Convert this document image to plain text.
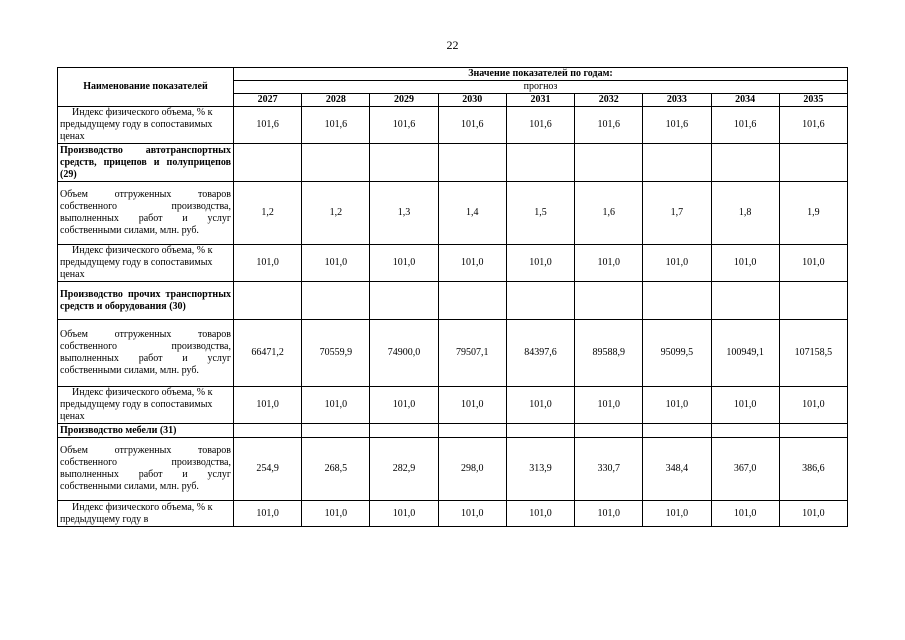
22
Наименование показателей	Значение показателей по годам:								
	прогноз								
	2027	2028	2029	2030	2031	2032	2033	2034	2035
Индекс физического объема, % к предыдущему году в сопоставимых ценах	101,6	101,6	101,6	101,6	101,6	101,6	101,6	101,6	101,6
Производство автотранспортных средств, прицепов и полуприцепов (29)									
Объем отгруженных товаров собственного производства, выполненных работ и услуг собственными силами, млн. руб.	1,2	1,2	1,3	1,4	1,5	1,6	1,7	1,8	1,9
Индекс физического объема, % к предыдущему году в сопоставимых ценах	101,0	101,0	101,0	101,0	101,0	101,0	101,0	101,0	101,0
Производство прочих транспортных средств и оборудования (30)									
Объем отгруженных товаров собственного производства, выполненных работ и услуг собственными силами, млн. руб.	66471,2	70559,9	74900,0	79507,1	84397,6	89588,9	95099,5	100949,1	107158,5
Индекс физического объема, % к предыдущему году в сопоставимых ценах	101,0	101,0	101,0	101,0	101,0	101,0	101,0	101,0	101,0
Производство мебели (31)									
Объем отгруженных товаров собственного производства, выполненных работ и услуг собственными силами, млн. руб.	254,9	268,5	282,9	298,0	313,9	330,7	348,4	367,0	386,6
Индекс физического объема, % к предыдущему году в	101,0	101,0	101,0	101,0	101,0	101,0	101,0	101,0	101,0
